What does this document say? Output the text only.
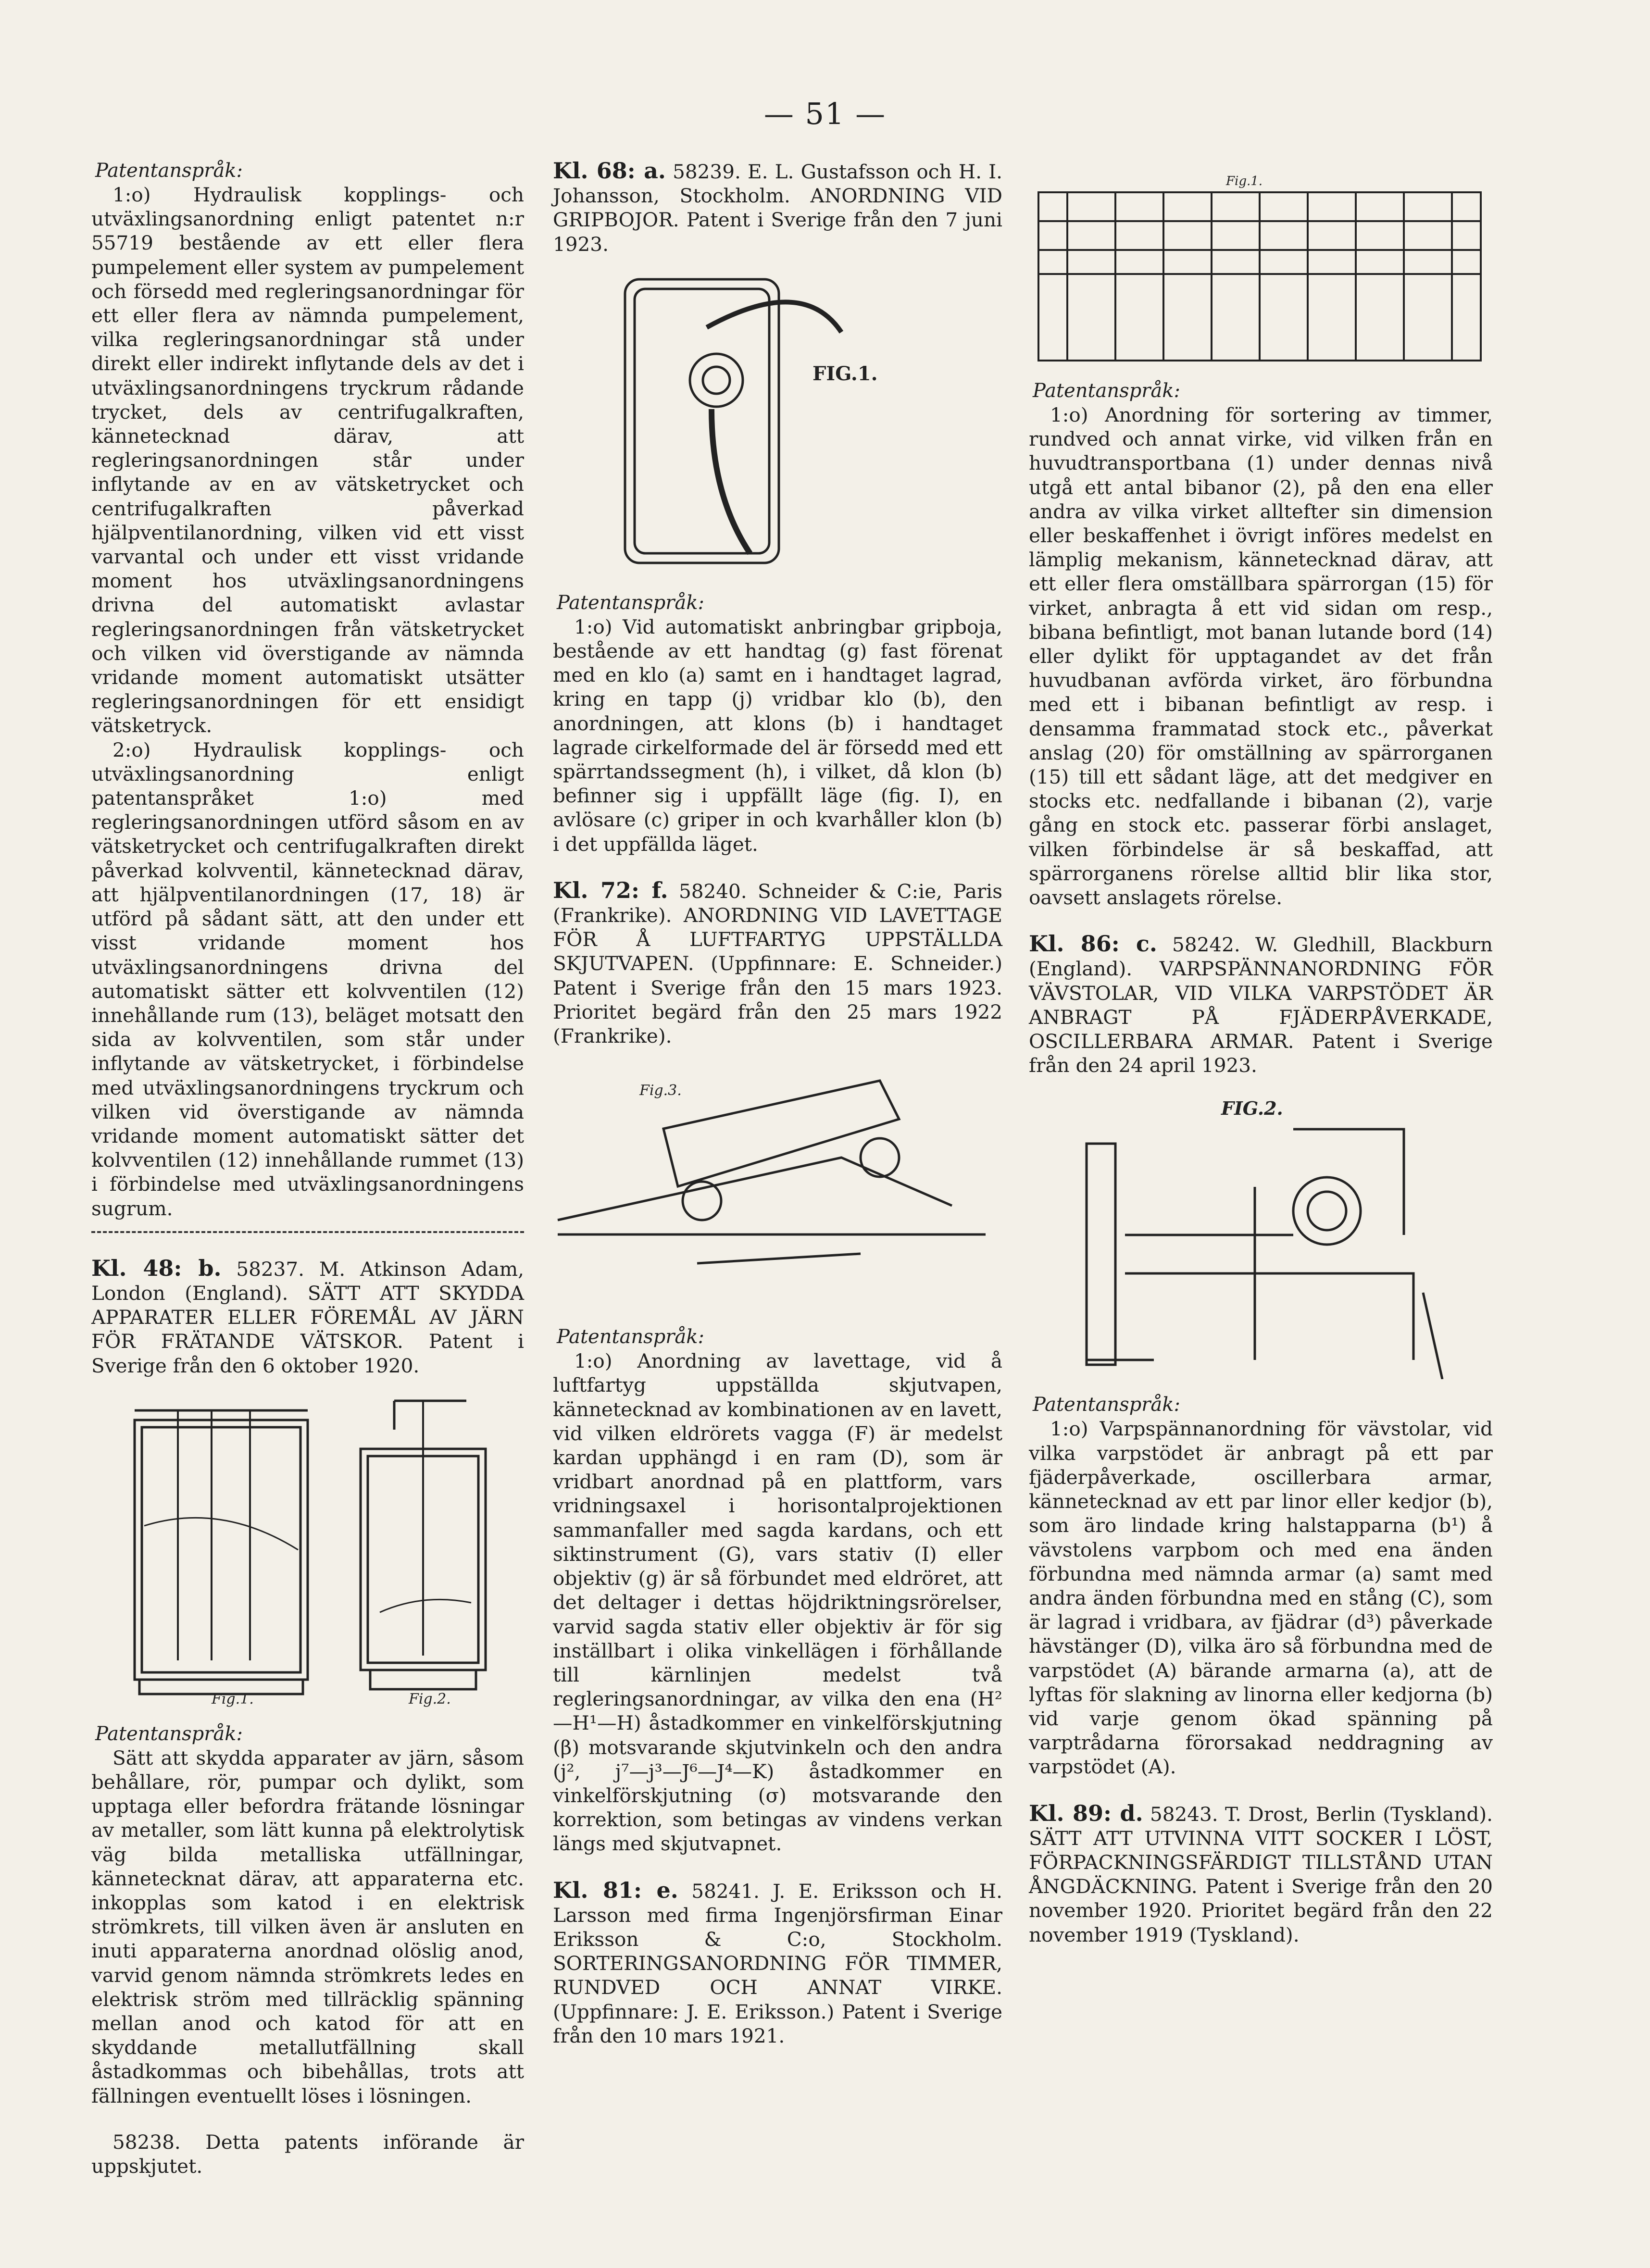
— 51 —

Patentanspråk:

1:o) Hydraulisk kopplings- och utväxlingsanordning enligt patentet n:r 55719 bestående av ett eller flera pumpelement eller system av pumpelement och försedd med regleringsanordningar för ett eller flera av nämnda pumpelement, vilka regleringsanordningar stå under direkt eller indirekt inflytande dels av det i utväxlingsanordningens tryckrum rådande trycket, dels av centrifugalkraften, kännetecknad därav, att regleringsanordningen står under inflytande av en av vätsketrycket och centrifugalkraften påverkad hjälpventilanordning, vilken vid ett visst varvantal och under ett visst vridande moment hos utväxlingsanordningens drivna del automatiskt avlastar regleringsanordningen från vätsketrycket och vilken vid överstigande av nämnda vridande moment automatiskt utsätter regleringsanordningen för ett ensidigt vätsketryck.

2:o) Hydraulisk kopplings- och utväxlingsanordning enligt patentanspråket 1:o) med regleringsanordningen utförd såsom en av vätsketrycket och centrifugalkraften direkt påverkad kolvventil, kännetecknad därav, att hjälpventilanordningen (17, 18) är utförd på sådant sätt, att den under ett visst vridande moment hos utväxlingsanordningens drivna del automatiskt sätter ett kolvventilen (12) innehållande rum (13), beläget motsatt den sida av kolvventilen, som står under inflytande av vätsketrycket, i förbindelse med utväxlingsanordningens tryckrum och vilken vid överstigande av nämnda vridande moment automatiskt sätter det kolvventilen (12) innehållande rummet (13) i förbindelse med utväxlingsanordningens sugrum.

Kl. 48: b. 58237. M. Atkinson Adam, London (England). SÄTT ATT SKYDDA APPARATER ELLER FÖREMÅL AV JÄRN FÖR FRÄTANDE VÄTSKOR. Patent i Sverige från den 6 oktober 1920.

Fig.1.	Fig.2.

Patentanspråk:

Sätt att skydda apparater av järn, såsom behållare, rör, pumpar och dylikt, som upptaga eller befordra frätande lösningar av metaller, som lätt kunna på elektrolytisk väg bilda metalliska utfällningar, kännetecknat därav, att apparaterna etc. inkopplas som katod i en elektrisk strömkrets, till vilken även är ansluten en inuti apparaterna anordnad olöslig anod, varvid genom nämnda strömkrets ledes en elektrisk ström med tillräcklig spänning mellan anod och katod för att en skyddande metallutfällning skall åstadkommas och bibehållas, trots att fällningen eventuellt löses i lösningen.

58238. Detta patents införande är uppskjutet.

Kl. 68: a. 58239. E. L. Gustafsson och H. I. Johansson, Stockholm. ANORDNING VID GRIPBOJOR. Patent i Sverige från den 7 juni 1923.

FIG.1.

Patentanspråk:

1:o) Vid automatiskt anbringbar gripboja, bestående av ett handtag (g) fast förenat med en klo (a) samt en i handtaget lagrad, kring en tapp (j) vridbar klo (b), den anordningen, att klons (b) i handtaget lagrade cirkelformade del är försedd med ett spärrtandssegment (h), i vilket, då klon (b) befinner sig i uppfällt läge (fig. I), en avlösare (c) griper in och kvarhåller klon (b) i det uppfällda läget.

Kl. 72: f. 58240. Schneider & C:ie, Paris (Frankrike). ANORDNING VID LAVETTAGE FÖR Å LUFTFARTYG UPPSTÄLLDA SKJUTVAPEN. (Uppfinnare: E. Schneider.) Patent i Sverige från den 15 mars 1923. Prioritet begärd från den 25 mars 1922 (Frankrike).

Fig.3.

Patentanspråk:

1:o) Anordning av lavettage, vid å luftfartyg uppställda skjutvapen, kännetecknad av kombinationen av en lavett, vid vilken eldrörets vagga (F) är medelst kardan upphängd i en ram (D), som är vridbart anordnad på en plattform, vars vridningsaxel i horisontalprojektionen sammanfaller med sagda kardans, och ett siktinstrument (G), vars stativ (I) eller objektiv (g) är så förbundet med eldröret, att det deltager i dettas höjdriktningsrörelser, varvid sagda stativ eller objektiv är för sig inställbart i olika vinkellägen i förhållande till kärnlinjen medelst två regleringsanordningar, av vilka den ena (H²—H¹—H) åstadkommer en vinkelförskjutning (β) motsvarande skjutvinkeln och den andra (j², j⁷—j³—J⁶—J⁴—K) åstadkommer en vinkelförskjutning (σ) motsvarande den korrektion, som betingas av vindens verkan längs med skjutvapnet.

Kl. 81: e. 58241. J. E. Eriksson och H. Larsson med firma Ingenjörsfirman Einar Eriksson & C:o, Stockholm. SORTERINGSANORDNING FÖR TIMMER, RUNDVED OCH ANNAT VIRKE. (Uppfinnare: J. E. Eriksson.) Patent i Sverige från den 10 mars 1921.

Fig.1.

Patentanspråk:

1:o) Anordning för sortering av timmer, rundved och annat virke, vid vilken från en huvudtransportbana (1) under dennas nivå utgå ett antal bibanor (2), på den ena eller andra av vilka virket alltefter sin dimension eller beskaffenhet i övrigt införes medelst en lämplig mekanism, kännetecknad därav, att ett eller flera omställbara spärrorgan (15) för virket, anbragta å ett vid sidan om resp., bibana befintligt, mot banan lutande bord (14) eller dylikt för upptagandet av det från huvudbanan avförda virket, äro förbundna med ett i bibanan befintligt av resp. i densamma frammatad stock etc., påverkat anslag (20) för omställning av spärrorganen (15) till ett sådant läge, att det medgiver en stocks etc. nedfallande i bibanan (2), varje gång en stock etc. passerar förbi anslaget, vilken förbindelse är så beskaffad, att spärrorganens rörelse alltid blir lika stor, oavsett anslagets rörelse.

Kl. 86: c. 58242. W. Gledhill, Blackburn (England). VARPSPÄNNANORDNING FÖR VÄVSTOLAR, VID VILKA VARPSTÖDET ÄR ANBRAGT PÅ FJÄDERPÅVERKADE, OSCILLERBARA ARMAR. Patent i Sverige från den 24 april 1923.

FIG.2.

Patentanspråk:

1:o) Varpspännanordning för vävstolar, vid vilka varpstödet är anbragt på ett par fjäderpåverkade, oscillerbara armar, kännetecknad av ett par linor eller kedjor (b), som äro lindade kring halstapparna (b¹) å vävstolens varpbom och med ena änden förbundna med nämnda armar (a) samt med andra änden förbundna med en stång (C), som är lagrad i vridbara, av fjädrar (d³) påverkade hävstänger (D), vilka äro så förbundna med de varpstödet (A) bärande armarna (a), att de lyftas för slakning av linorna eller kedjorna (b) vid varje genom ökad spänning på varptrådarna förorsakad neddragning av varpstödet (A).

Kl. 89: d. 58243. T. Drost, Berlin (Tyskland). SÄTT ATT UTVINNA VITT SOCKER I LÖST, FÖRPACKNINGSFÄRDIGT TILLSTÅND UTAN ÅNGDÄCKNING. Patent i Sverige från den 20 november 1920. Prioritet begärd från den 22 november 1919 (Tyskland).
